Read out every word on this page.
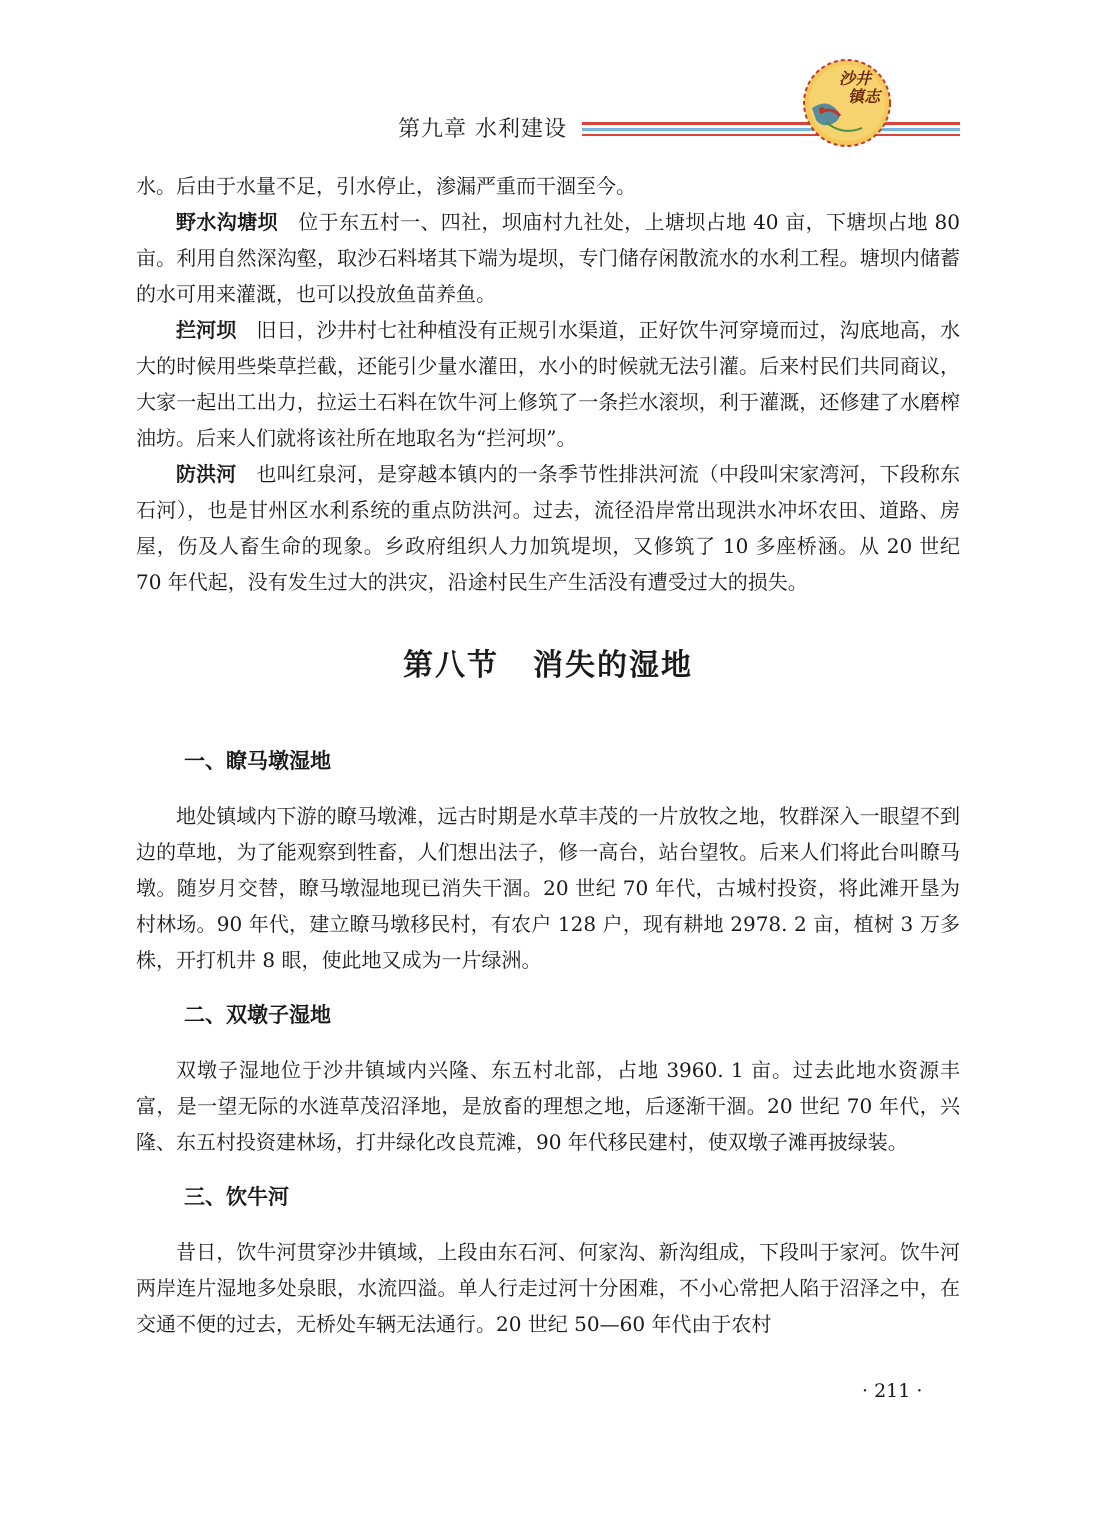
第九章 水利建设
沙井
镇志

水。后由于水量不足，引水停止，渗漏严重而干涸至今。

野水沟塘坝　位于东五村一、四社，坝庙村九社处，上塘坝占地 40 亩，下塘坝占地 80 亩。利用自然深沟壑，取沙石料堵其下端为堤坝，专门储存闲散流水的水利工程。塘坝内储蓄的水可用来灌溉，也可以投放鱼苗养鱼。

拦河坝　旧日，沙井村七社种植没有正规引水渠道，正好饮牛河穿境而过，沟底地高，水大的时候用些柴草拦截，还能引少量水灌田，水小的时候就无法引灌。后来村民们共同商议，大家一起出工出力，拉运土石料在饮牛河上修筑了一条拦水滚坝，利于灌溉，还修建了水磨榨油坊。后来人们就将该社所在地取名为“拦河坝”。

防洪河　也叫红泉河，是穿越本镇内的一条季节性排洪河流（中段叫宋家湾河，下段称东石河），也是甘州区水利系统的重点防洪河。过去，流径沿岸常出现洪水冲坏农田、道路、房屋，伤及人畜生命的现象。乡政府组织人力加筑堤坝，又修筑了 10 多座桥涵。从 20 世纪 70 年代起，没有发生过大的洪灾，沿途村民生产生活没有遭受过大的损失。

第八节 消失的湿地
一、瞭马墩湿地

地处镇域内下游的瞭马墩滩，远古时期是水草丰茂的一片放牧之地，牧群深入一眼望不到边的草地，为了能观察到牲畜，人们想出法子，修一高台，站台望牧。后来人们将此台叫瞭马墩。随岁月交替，瞭马墩湿地现已消失干涸。20 世纪 70 年代，古城村投资，将此滩开垦为村林场。90 年代，建立瞭马墩移民村，有农户 128 户，现有耕地 2978. 2 亩，植树 3 万多株，开打机井 8 眼，使此地又成为一片绿洲。

二、双墩子湿地

双墩子湿地位于沙井镇域内兴隆、东五村北部，占地 3960. 1 亩。过去此地水资源丰富，是一望无际的水涟草茂沼泽地，是放畜的理想之地，后逐渐干涸。20 世纪 70 年代，兴隆、东五村投资建林场，打井绿化改良荒滩，90 年代移民建村，使双墩子滩再披绿装。

三、饮牛河

昔日，饮牛河贯穿沙井镇域，上段由东石河、何家沟、新沟组成，下段叫于家河。饮牛河两岸连片湿地多处泉眼，水流四溢。单人行走过河十分困难，不小心常把人陷于沼泽之中，在交通不便的过去，无桥处车辆无法通行。20 世纪 50—60 年代由于农村

· 211 ·
